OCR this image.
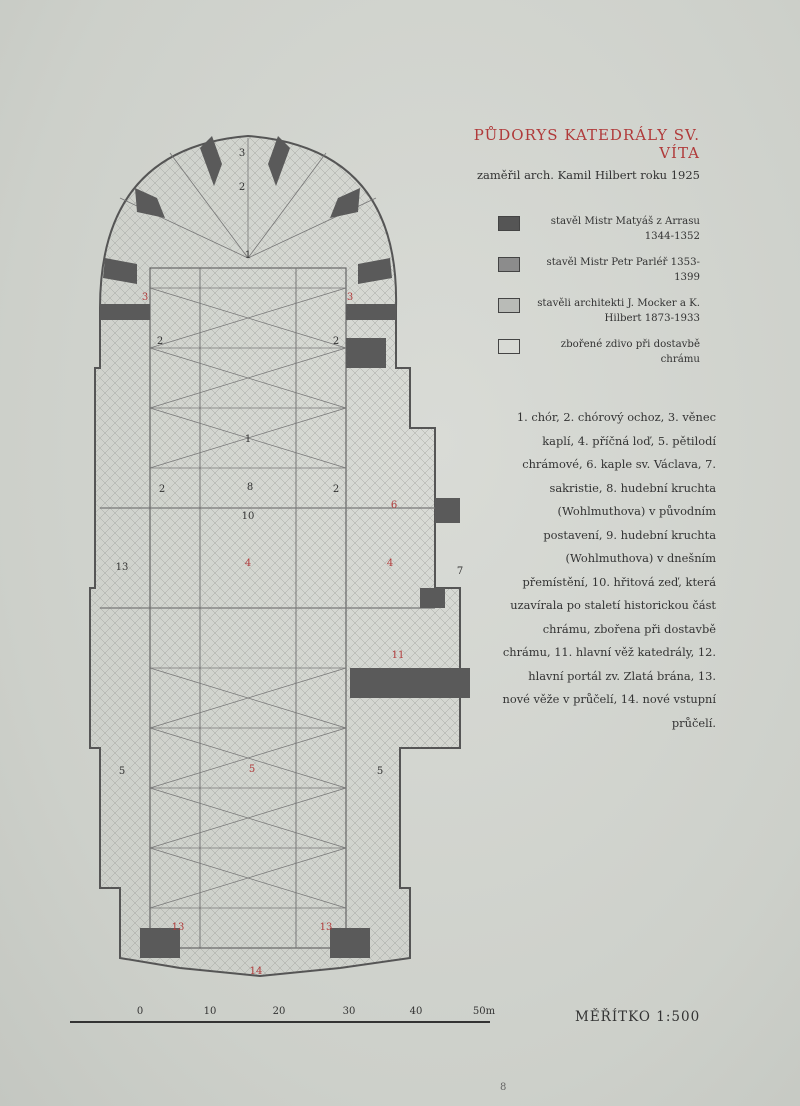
PŮDORYS KATEDRÁLY SV. VÍTA
zaměřil arch. Kamil Hilbert roku 1925
stavěl Mistr Matyáš z Arrasu 1344-1352
stavěl Mistr Petr Parléř 1353-1399
stavěli architekti J. Mocker a K. Hilbert 1873-1933
zbořené zdivo při dostavbě chrámu
1. chór, 2. chórový ochoz, 3. věnec kaplí, 4. příčná loď, 5. pětilodí chrámové, 6. kaple sv. Václava, 7. sakristie, 8. hudební kruchta (Wohlmuthova) v původním postavení, 9. hudební kruchta (Wohlmuthova) v dnešním přemístění, 10. hřitová zeď, která uzavírala po staletí historickou část chrámu, zbořena při dostavbě chrámu, 11. hlavní věž katedrály, 12. hlavní portál zv. Zlatá brána, 13. nové věže v průčelí, 14. nové vstupní průčelí.
3
2
1
3	3
2	2
1
2	8	2
10
6
13	4	4
7
11
5	5	5
13	13
14
0	10	20	30	40	50m	MĚŘÍTKO 1:500
8
